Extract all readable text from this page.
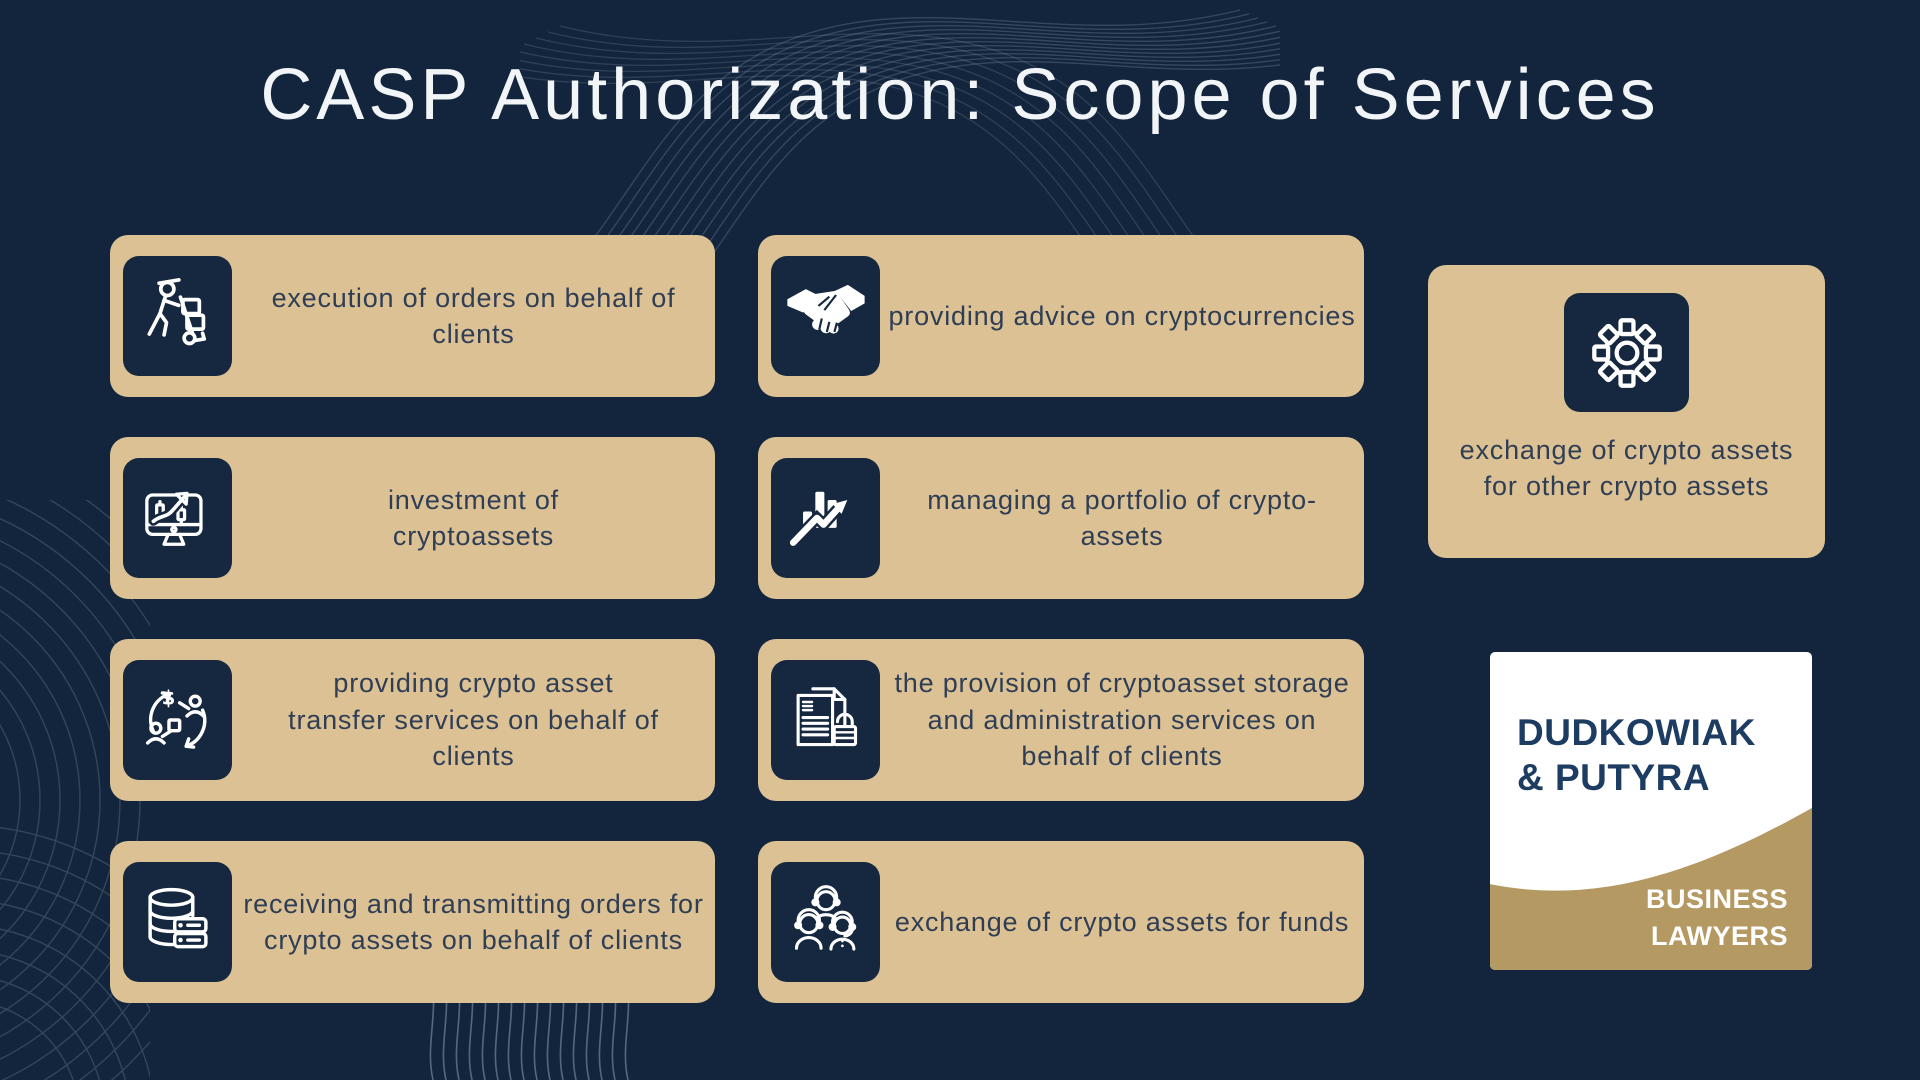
CASP Authorization: Scope of Services
execution of orders on behalf of clients
investment of cryptoassets
$	providing crypto asset transfer services on behalf of clients
receiving and transmitting orders for crypto assets on behalf of clients
providing advice on cryptocurrencies
managing a portfolio of crypto-assets
the provision of cryptoasset storage and administration services on behalf of clients
exchange of crypto assets for funds
exchange of crypto assets for other crypto assets
DUDKOWIAK
& PUTYRA
BUSINESS
LAWYERS
